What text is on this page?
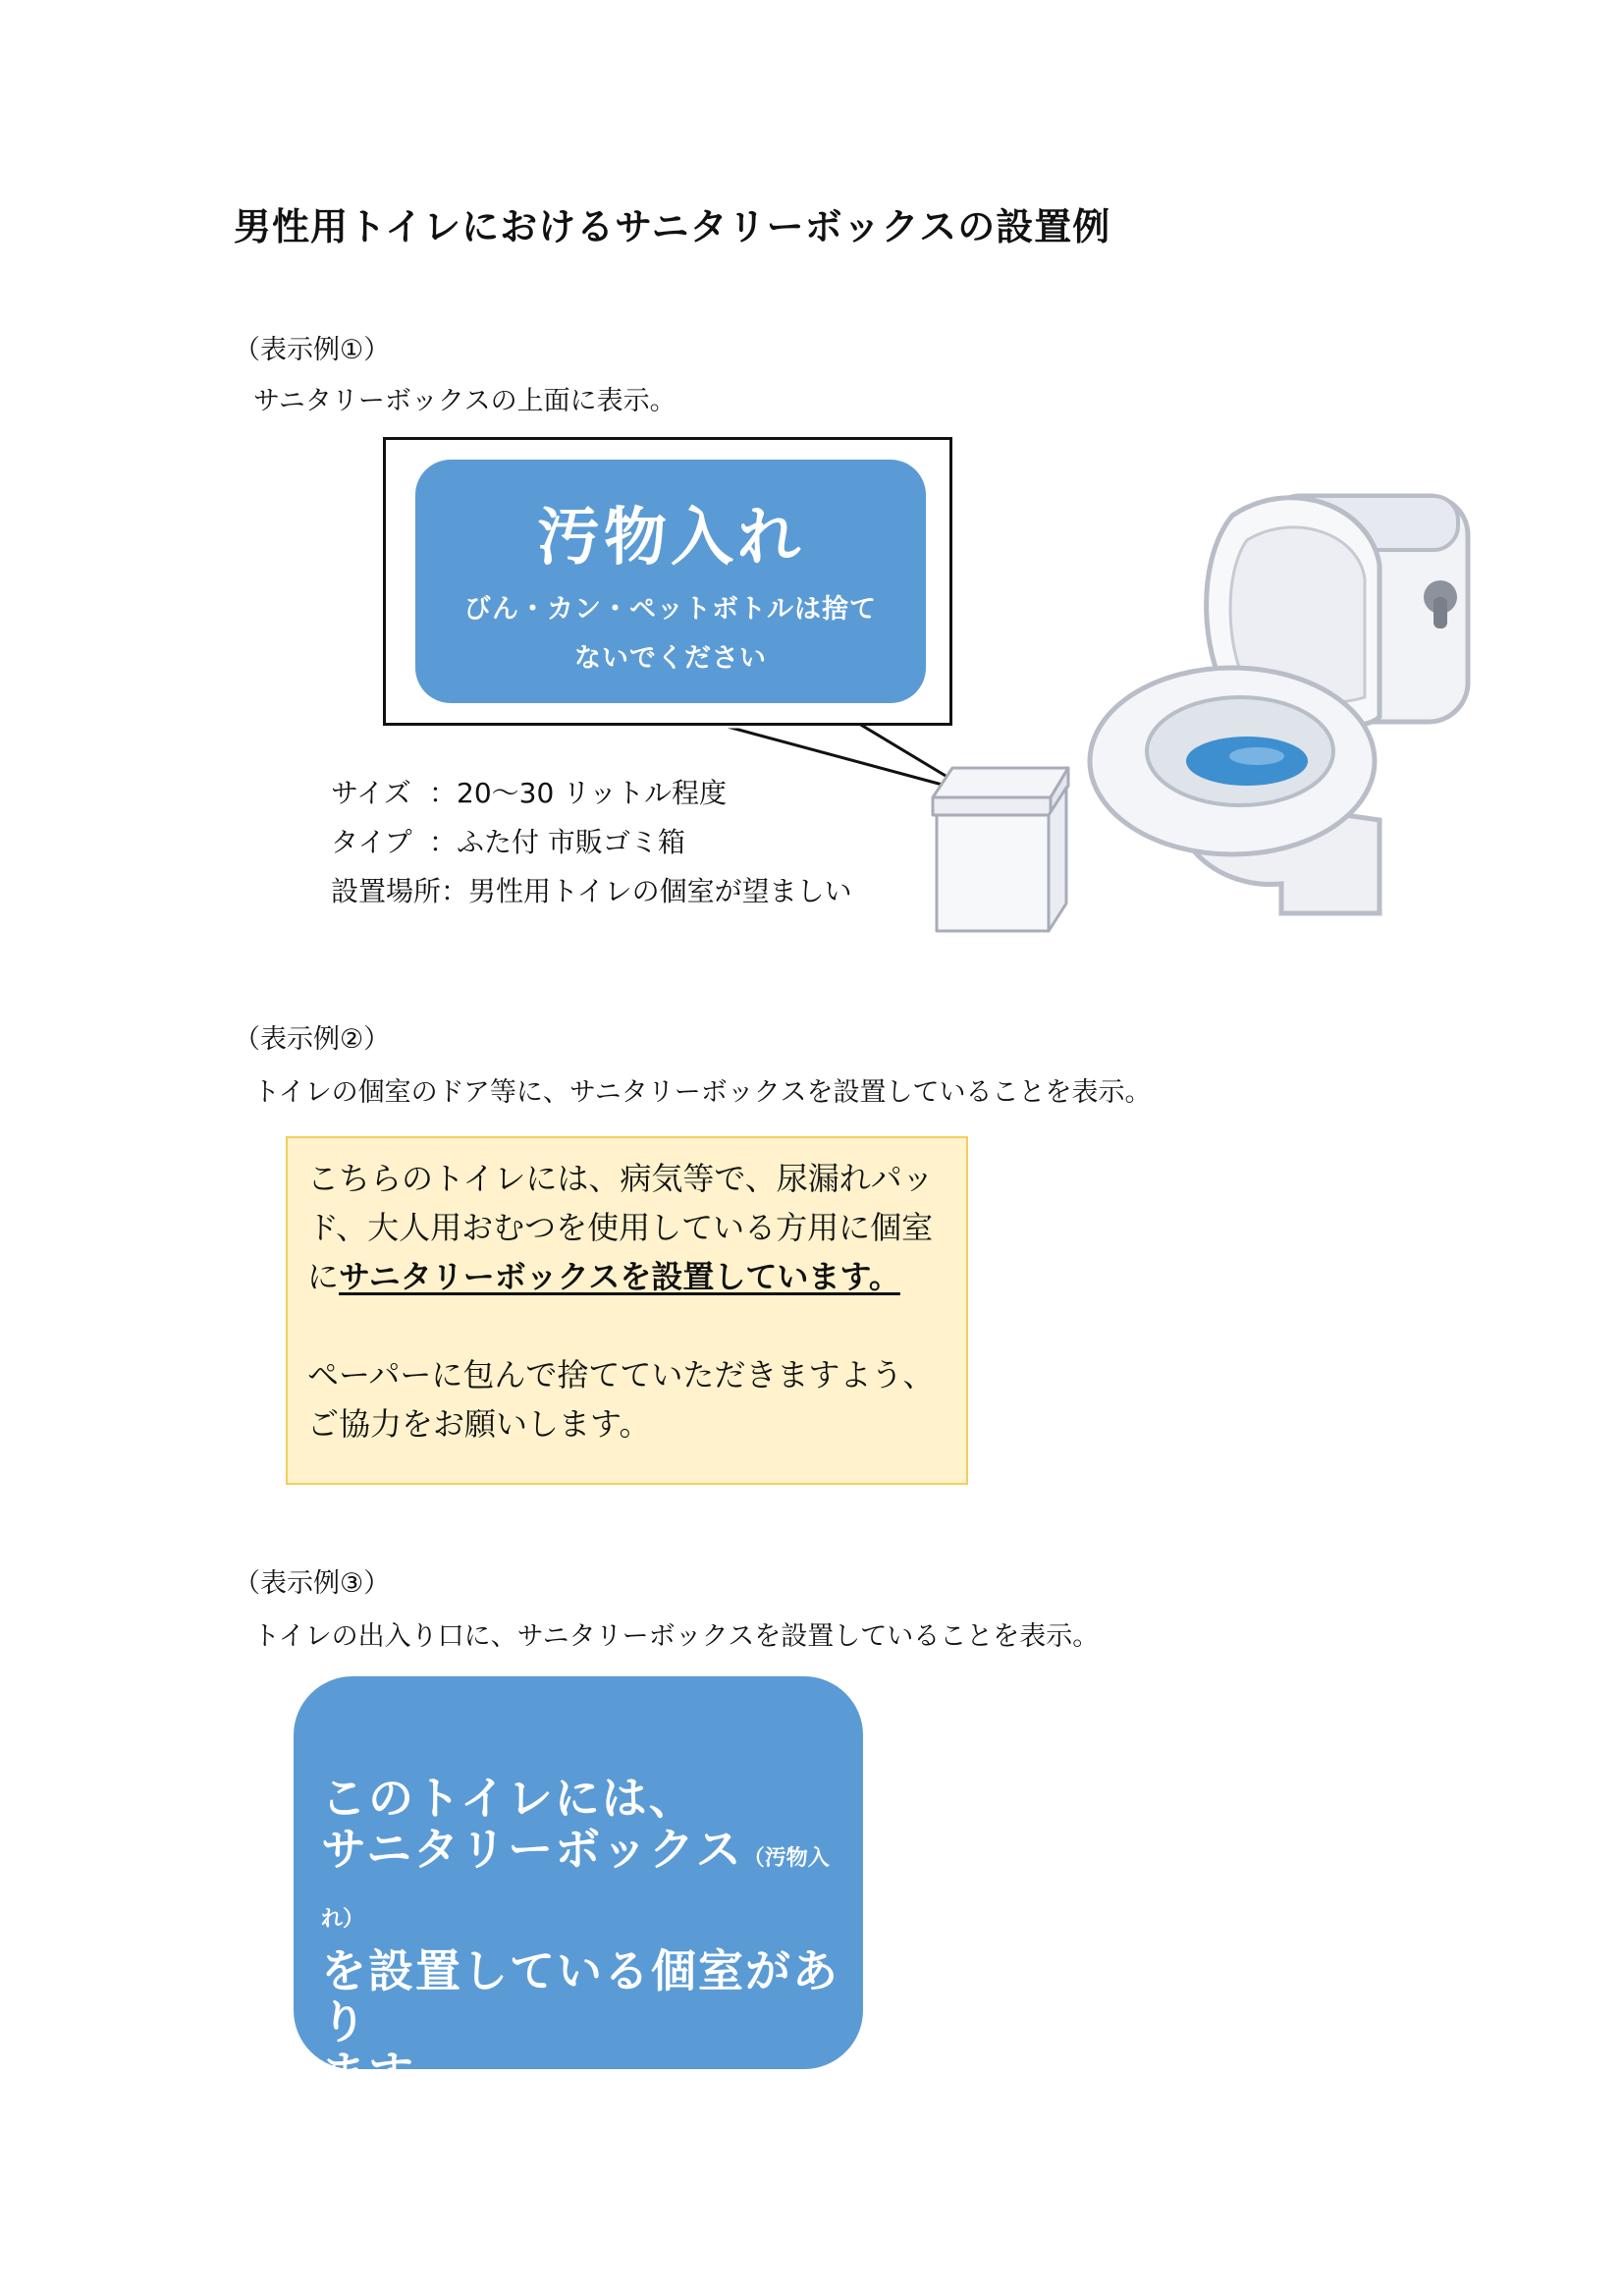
男性用トイレにおけるサニタリーボックスの設置例
（表示例①）
サニタリーボックスの上面に表示。
汚物入れ
びん・カン・ペットボトルは捨て
ないでください
サイズ ：20～30 リットル程度
タイプ ：ふた付 市販ゴミ箱
設置場所：男性用トイレの個室が望ましい
（表示例②）
トイレの個室のドア等に、サニタリーボックスを設置していることを表示。

こちらのトイレには、病気等で、尿漏れパッ

ド、大人用おむつを使用している方用に個室

にサニタリーボックスを設置しています。

ペーパーに包んで捨てていただきますよう、

ご協力をお願いします。

（表示例③）
トイレの出入り口に、サニタリーボックスを設置していることを表示。
このトイレには、
サニタリーボックス（汚物入れ）
を設置している個室があり
ます。
